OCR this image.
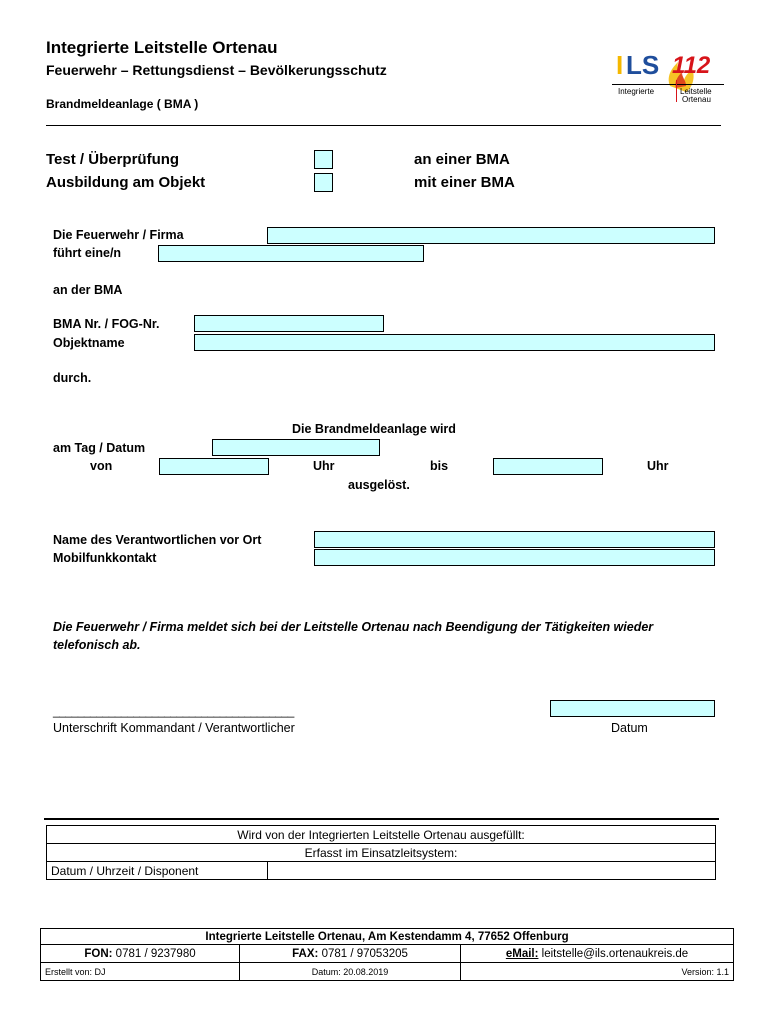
Integrierte Leitstelle Ortenau
Feuerwehr – Rettungsdienst – Bevölkerungsschutz
Brandmeldeanlage ( BMA )
I LS 112
Integrierte	Leitstelle
Ortenau
Test / Überprüfung	an einer BMA
Ausbildung am Objekt	mit einer BMA
Die Feuerwehr / Firma
führt eine/n
an der BMA
BMA Nr. / FOG-Nr.
Objektname
durch.
Die Brandmeldeanlage wird
am Tag / Datum
von	Uhr	bis	Uhr
ausgelöst.
Name des Verantwortlichen vor Ort
Mobilfunkkontakt
Die Feuerwehr / Firma meldet sich bei der Leitstelle Ortenau nach Beendigung der Tätigkeiten wieder telefonisch ab.
_______________________________________
Unterschrift Kommandant / Verantwortlicher	Datum
Wird von der Integrierten Leitstelle Ortenau ausgefüllt:
Erfasst im Einsatzleitsystem:
Datum / Uhrzeit / Disponent	
Integrierte Leitstelle Ortenau, Am Kestendamm 4, 77652 Offenburg		
FON: 0781 / 9237980	FAX: 0781 / 97053205	eMail: leitstelle@ils.ortenaukreis.de
Erstellt von: DJ	Datum: 20.08.2019	Version: 1.1
